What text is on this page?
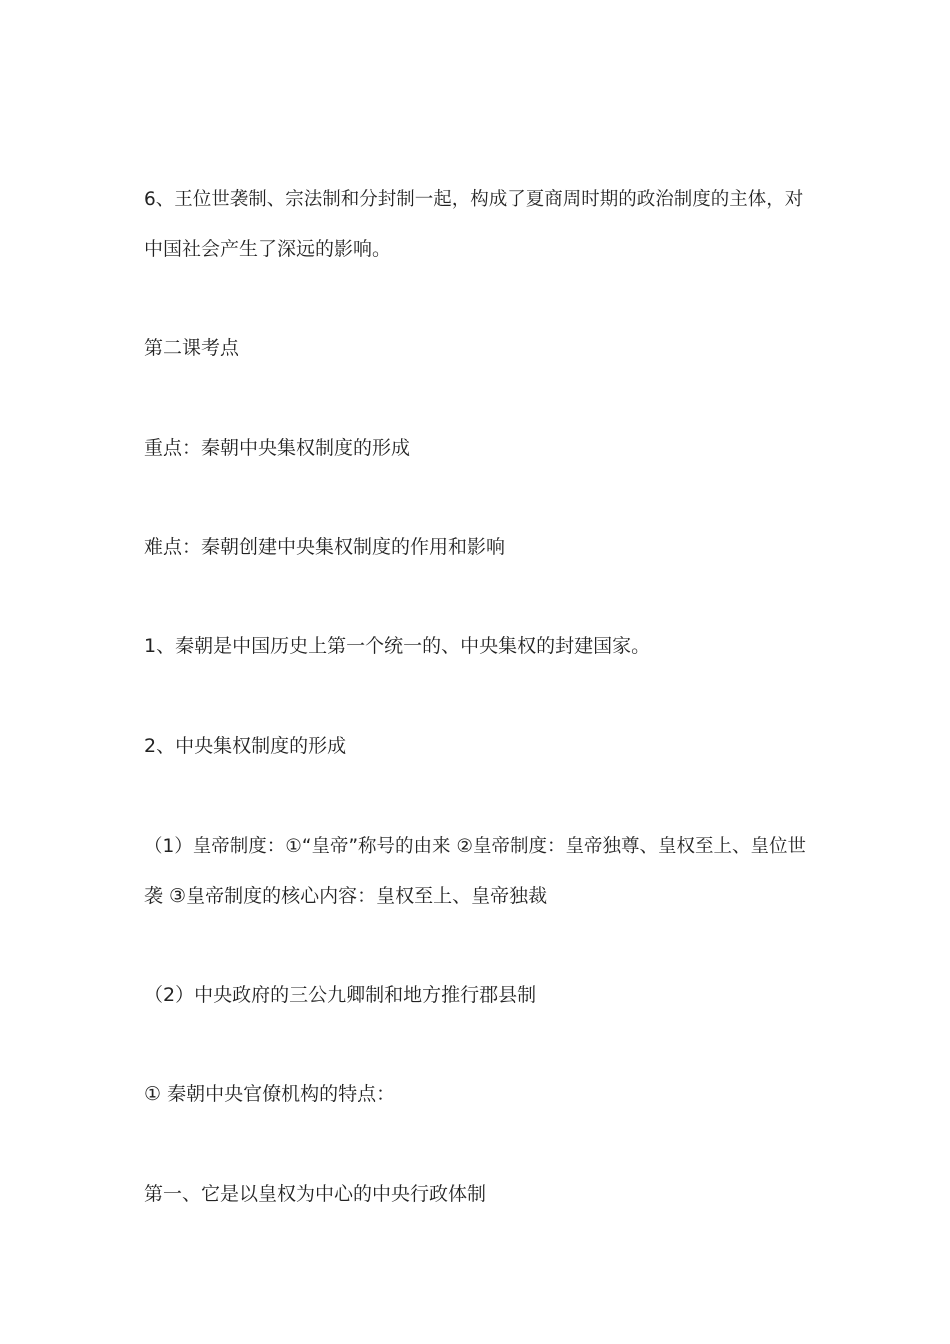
6、王位世袭制、宗法制和分封制一起，构成了夏商周时期的政治制度的主体，对
中国社会产生了深远的影响。
第二课考点
重点：秦朝中央集权制度的形成
难点：秦朝创建中央集权制度的作用和影响
1、秦朝是中国历史上第一个统一的、中央集权的封建国家。
2、中央集权制度的形成
（1）皇帝制度：①“皇帝”称号的由来 ②皇帝制度：皇帝独尊、皇权至上、皇位世
袭 ③皇帝制度的核心内容：皇权至上、皇帝独裁
（2）中央政府的三公九卿制和地方推行郡县制
① 秦朝中央官僚机构的特点：
第一、它是以皇权为中心的中央行政体制
